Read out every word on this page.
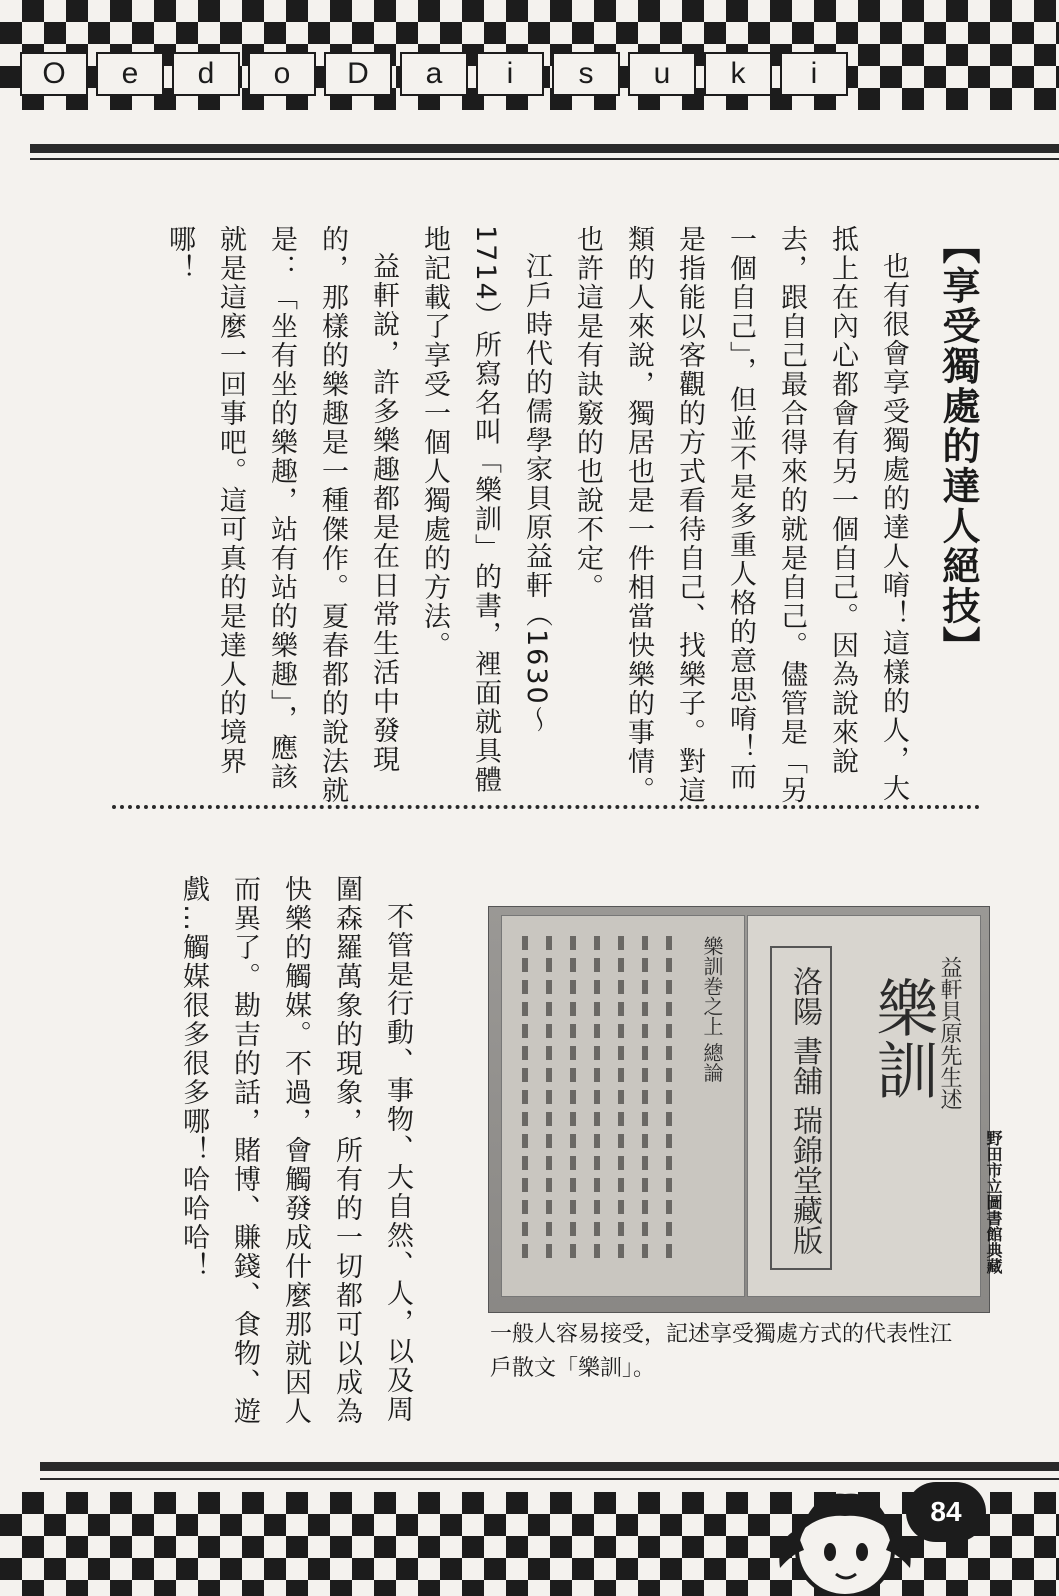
O	e	d	o	D	a	i	s	u	k	i
【享受獨處的達人絕技】

也有很會享受獨處的達人唷！這樣的人，大抵上在內心都會有另一個自己。因為說來說去，跟自己最合得來的就是自己。儘管是「另一個自己」，但並不是多重人格的意思唷！而是指能以客觀的方式看待自己、找樂子。對這類的人來說，獨居也是一件相當快樂的事情。也許這是有訣竅的也說不定。

江戶時代的儒學家貝原益軒（1630〜1714）所寫名叫「樂訓」的書，裡面就具體地記載了享受一個人獨處的方法。

益軒說，許多樂趣都是在日常生活中發現的，那樣的樂趣是一種傑作。夏春都的說法就是：「坐有坐的樂趣，站有站的樂趣」，應該就是這麼一回事吧。這可真的是達人的境界哪！

不管是行動、事物、大自然、人，以及周圍森羅萬象的現象，所有的一切都可以成為快樂的觸媒。不過，會觸發成什麼那就因人而異了。勘吉的話，賭博、賺錢、食物、遊戲…觸媒很多很多哪！哈哈哈！	樂訓巻之上 總論 洛陽 書舖 瑞錦堂藏版 樂訓
益軒貝原先生述
野田市立圖書館典藏

一般人容易接受，記述享受獨處方式的代表性江戶散文「樂訓」。

84
